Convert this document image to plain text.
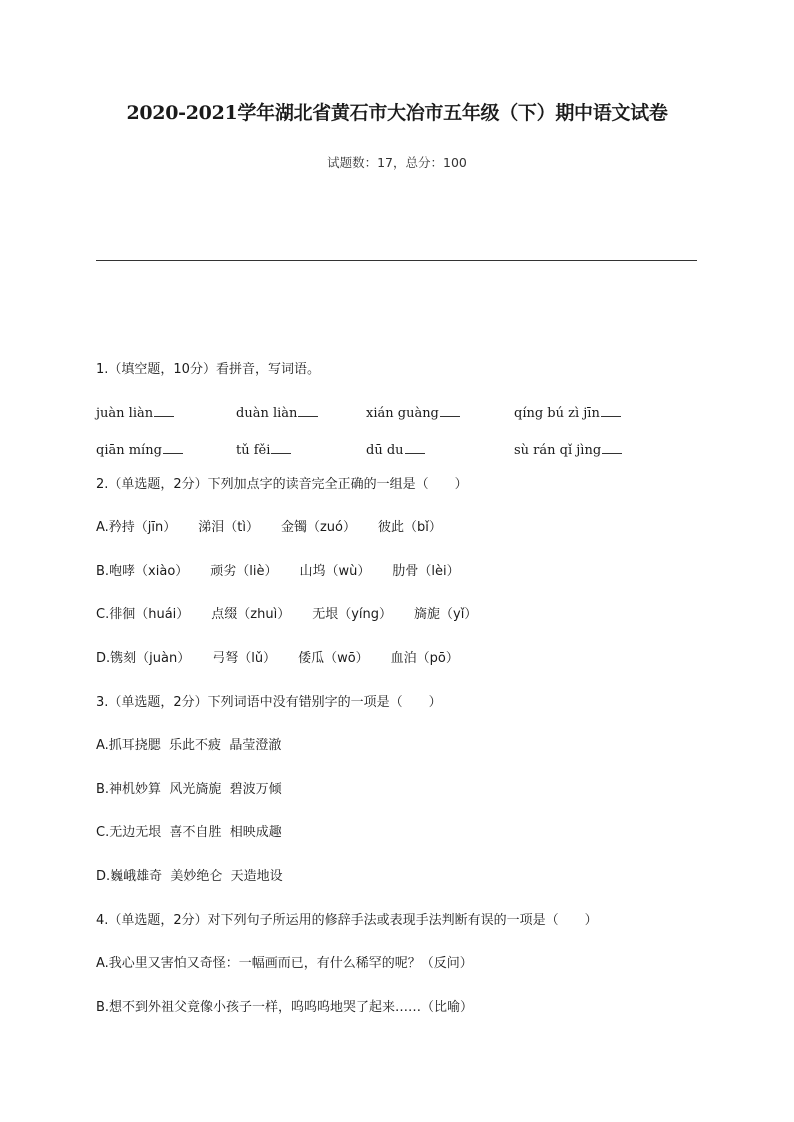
2020-2021学年湖北省黄石市大冶市五年级（下）期中语文试卷
试题数：17，总分：100
1.（填空题，10分）看拼音，写词语。
juàn liàn	duàn liàn	xián guàng	qíng bú zì jīn
qiān míng	tǔ fěi	dū du	sù rán qǐ jìng
2.（单选题，2分）下列加点字的读音完全正确的一组是（　　）
A.矜持（jīn） 涕泪（tì） 金镯（zuó） 彼此（bǐ）
B.咆哮（xiào） 顽劣（liè） 山坞（wù） 肋骨（lèi）
C.徘徊（huái） 点缀（zhuì） 无垠（yíng） 旖旎（yǐ）
D.镌刻（juàn） 弓弩（lǔ） 倭瓜（wō） 血泊（pō）
3.（单选题，2分）下列词语中没有错别字的一项是（　　）
A.抓耳挠腮  乐此不疲  晶莹澄澈
B.神机妙算  风光旖旎  碧波万倾
C.无边无垠  喜不自胜  相映成趣
D.巍峨雄奇  美妙绝仑  天造地设
4.（单选题，2分）对下列句子所运用的修辞手法或表现手法判断有误的一项是（　　）
A.我心里又害怕又奇怪：一幅画而已，有什么稀罕的呢？（反问）
B.想不到外祖父竟像小孩子一样，呜呜呜地哭了起来……（比喻）
